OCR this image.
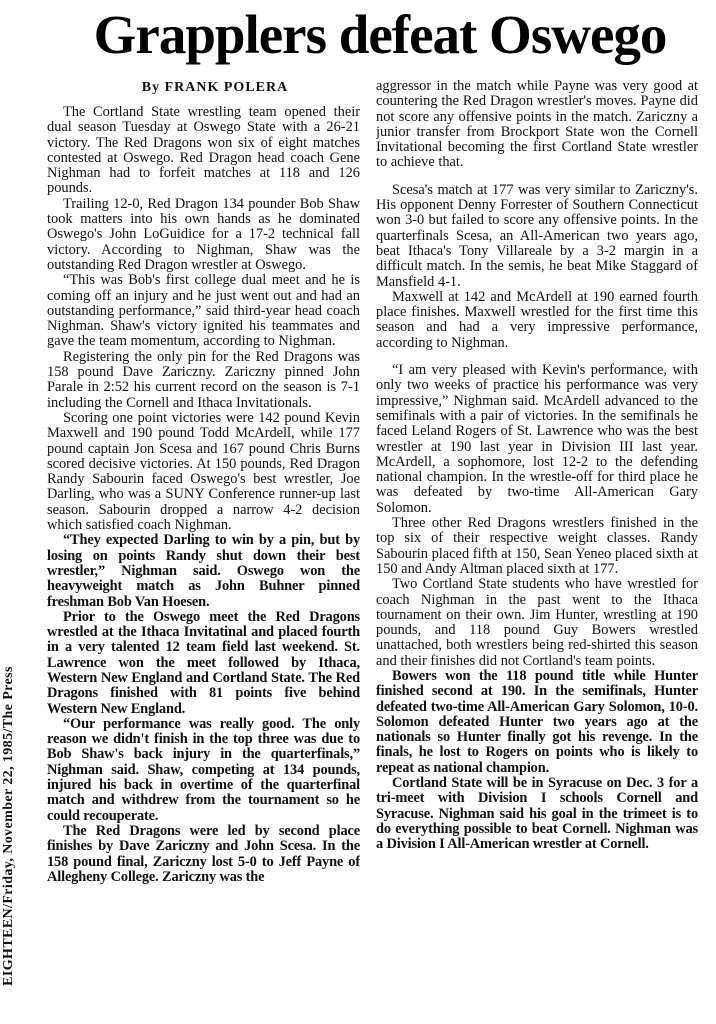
Grapplers defeat Oswego
By FRANK POLERA

The Cortland State wrestling team opened their dual season Tuesday at Oswego State with a 26-21 victory. The Red Dragons won six of eight matches contested at Oswego. Red Dragon head coach Gene Nighman had to forfeit matches at 118 and 126 pounds.

Trailing 12-0, Red Dragon 134 pounder Bob Shaw took matters into his own hands as he dominated Oswego's John LoGuidice for a 17-2 technical fall victory. According to Nighman, Shaw was the outstanding Red Dragon wrestler at Oswego.

“This was Bob's first college dual meet and he is coming off an injury and he just went out and had an outstanding performance,” said third-year head coach Nighman. Shaw's victory ignited his teammates and gave the team momentum, according to Nighman.

Registering the only pin for the Red Dragons was 158 pound Dave Zariczny. Zariczny pinned John Parale in 2:52 his current record on the season is 7-1 including the Cornell and Ithaca Invitationals.

Scoring one point victories were 142 pound Kevin Maxwell and 190 pound Todd McArdell, while 177 pound captain Jon Scesa and 167 pound Chris Burns scored decisive victories. At 150 pounds, Red Dragon Randy Sabourin faced Oswego's best wrestler, Joe Darling, who was a SUNY Conference runner-up last season. Sabourin dropped a narrow 4-2 decision which satisfied coach Nighman.

“They expected Darling to win by a pin, but by losing on points Randy shut down their best wrestler,” Nighman said. Oswego won the heavyweight match as John Buhner pinned freshman Bob Van Hoesen.

Prior to the Oswego meet the Red Dragons wrestled at the Ithaca Invitatinal and placed fourth in a very talented 12 team field last weekend. St. Lawrence won the meet followed by Ithaca, Western New England and Cortland State. The Red Dragons finished with 81 points five behind Western New England.

“Our performance was really good. The only reason we didn't finish in the top three was due to Bob Shaw's back injury in the quarterfinals,” Nighman said. Shaw, competing at 134 pounds, injured his back in overtime of the quarterfinal match and withdrew from the tournament so he could recouperate.

The Red Dragons were led by second place finishes by Dave Zariczny and John Scesa. In the 158 pound final, Zariczny lost 5-0 to Jeff Payne of Allegheny College. Zariczny was the

aggressor in the match while Payne was very good at countering the Red Dragon wrestler's moves. Payne did not score any offensive points in the match. Zariczny a junior transfer from Brockport State won the Cornell Invitational becoming the first Cortland State wrestler to achieve that.

Scesa's match at 177 was very similar to Zariczny's. His opponent Denny Forrester of Southern Connecticut won 3-0 but failed to score any offensive points. In the quarterfinals Scesa, an All-American two years ago, beat Ithaca's Tony Villareale by a 3-2 margin in a difficult match. In the semis, he beat Mike Staggard of Mansfield 4-1.

Maxwell at 142 and McArdell at 190 earned fourth place finishes. Maxwell wrestled for the first time this season and had a very impressive performance, according to Nighman.

“I am very pleased with Kevin's performance, with only two weeks of practice his performance was very impressive,” Nighman said. McArdell advanced to the semifinals with a pair of victories. In the semifinals he faced Leland Rogers of St. Lawrence who was the best wrestler at 190 last year in Division III last year. McArdell, a sophomore, lost 12-2 to the defending national champion. In the wrestle-off for third place he was defeated by two-time All-American Gary Solomon.

Three other Red Dragons wrestlers finished in the top six of their respective weight classes. Randy Sabourin placed fifth at 150, Sean Yeneo placed sixth at 150 and Andy Altman placed sixth at 177.

Two Cortland State students who have wrestled for coach Nighman in the past went to the Ithaca tournament on their own. Jim Hunter, wrestling at 190 pounds, and 118 pound Guy Bowers wrestled unattached, both wrestlers being red-shirted this season and their finishes did not Cortland's team points.

Bowers won the 118 pound title while Hunter finished second at 190. In the semifinals, Hunter defeated two-time All-American Gary Solomon, 10-0. Solomon defeated Hunter two years ago at the nationals so Hunter finally got his revenge. In the finals, he lost to Rogers on points who is likely to repeat as national champion.

Cortland State will be in Syracuse on Dec. 3 for a tri-meet with Division I schools Cornell and Syracuse. Nighman said his goal in the trimeet is to do everything possible to beat Cornell. Nighman was a Division I All-American wrestler at Cornell.

EIGHTEEN/Friday, November 22, 1985/The Press
